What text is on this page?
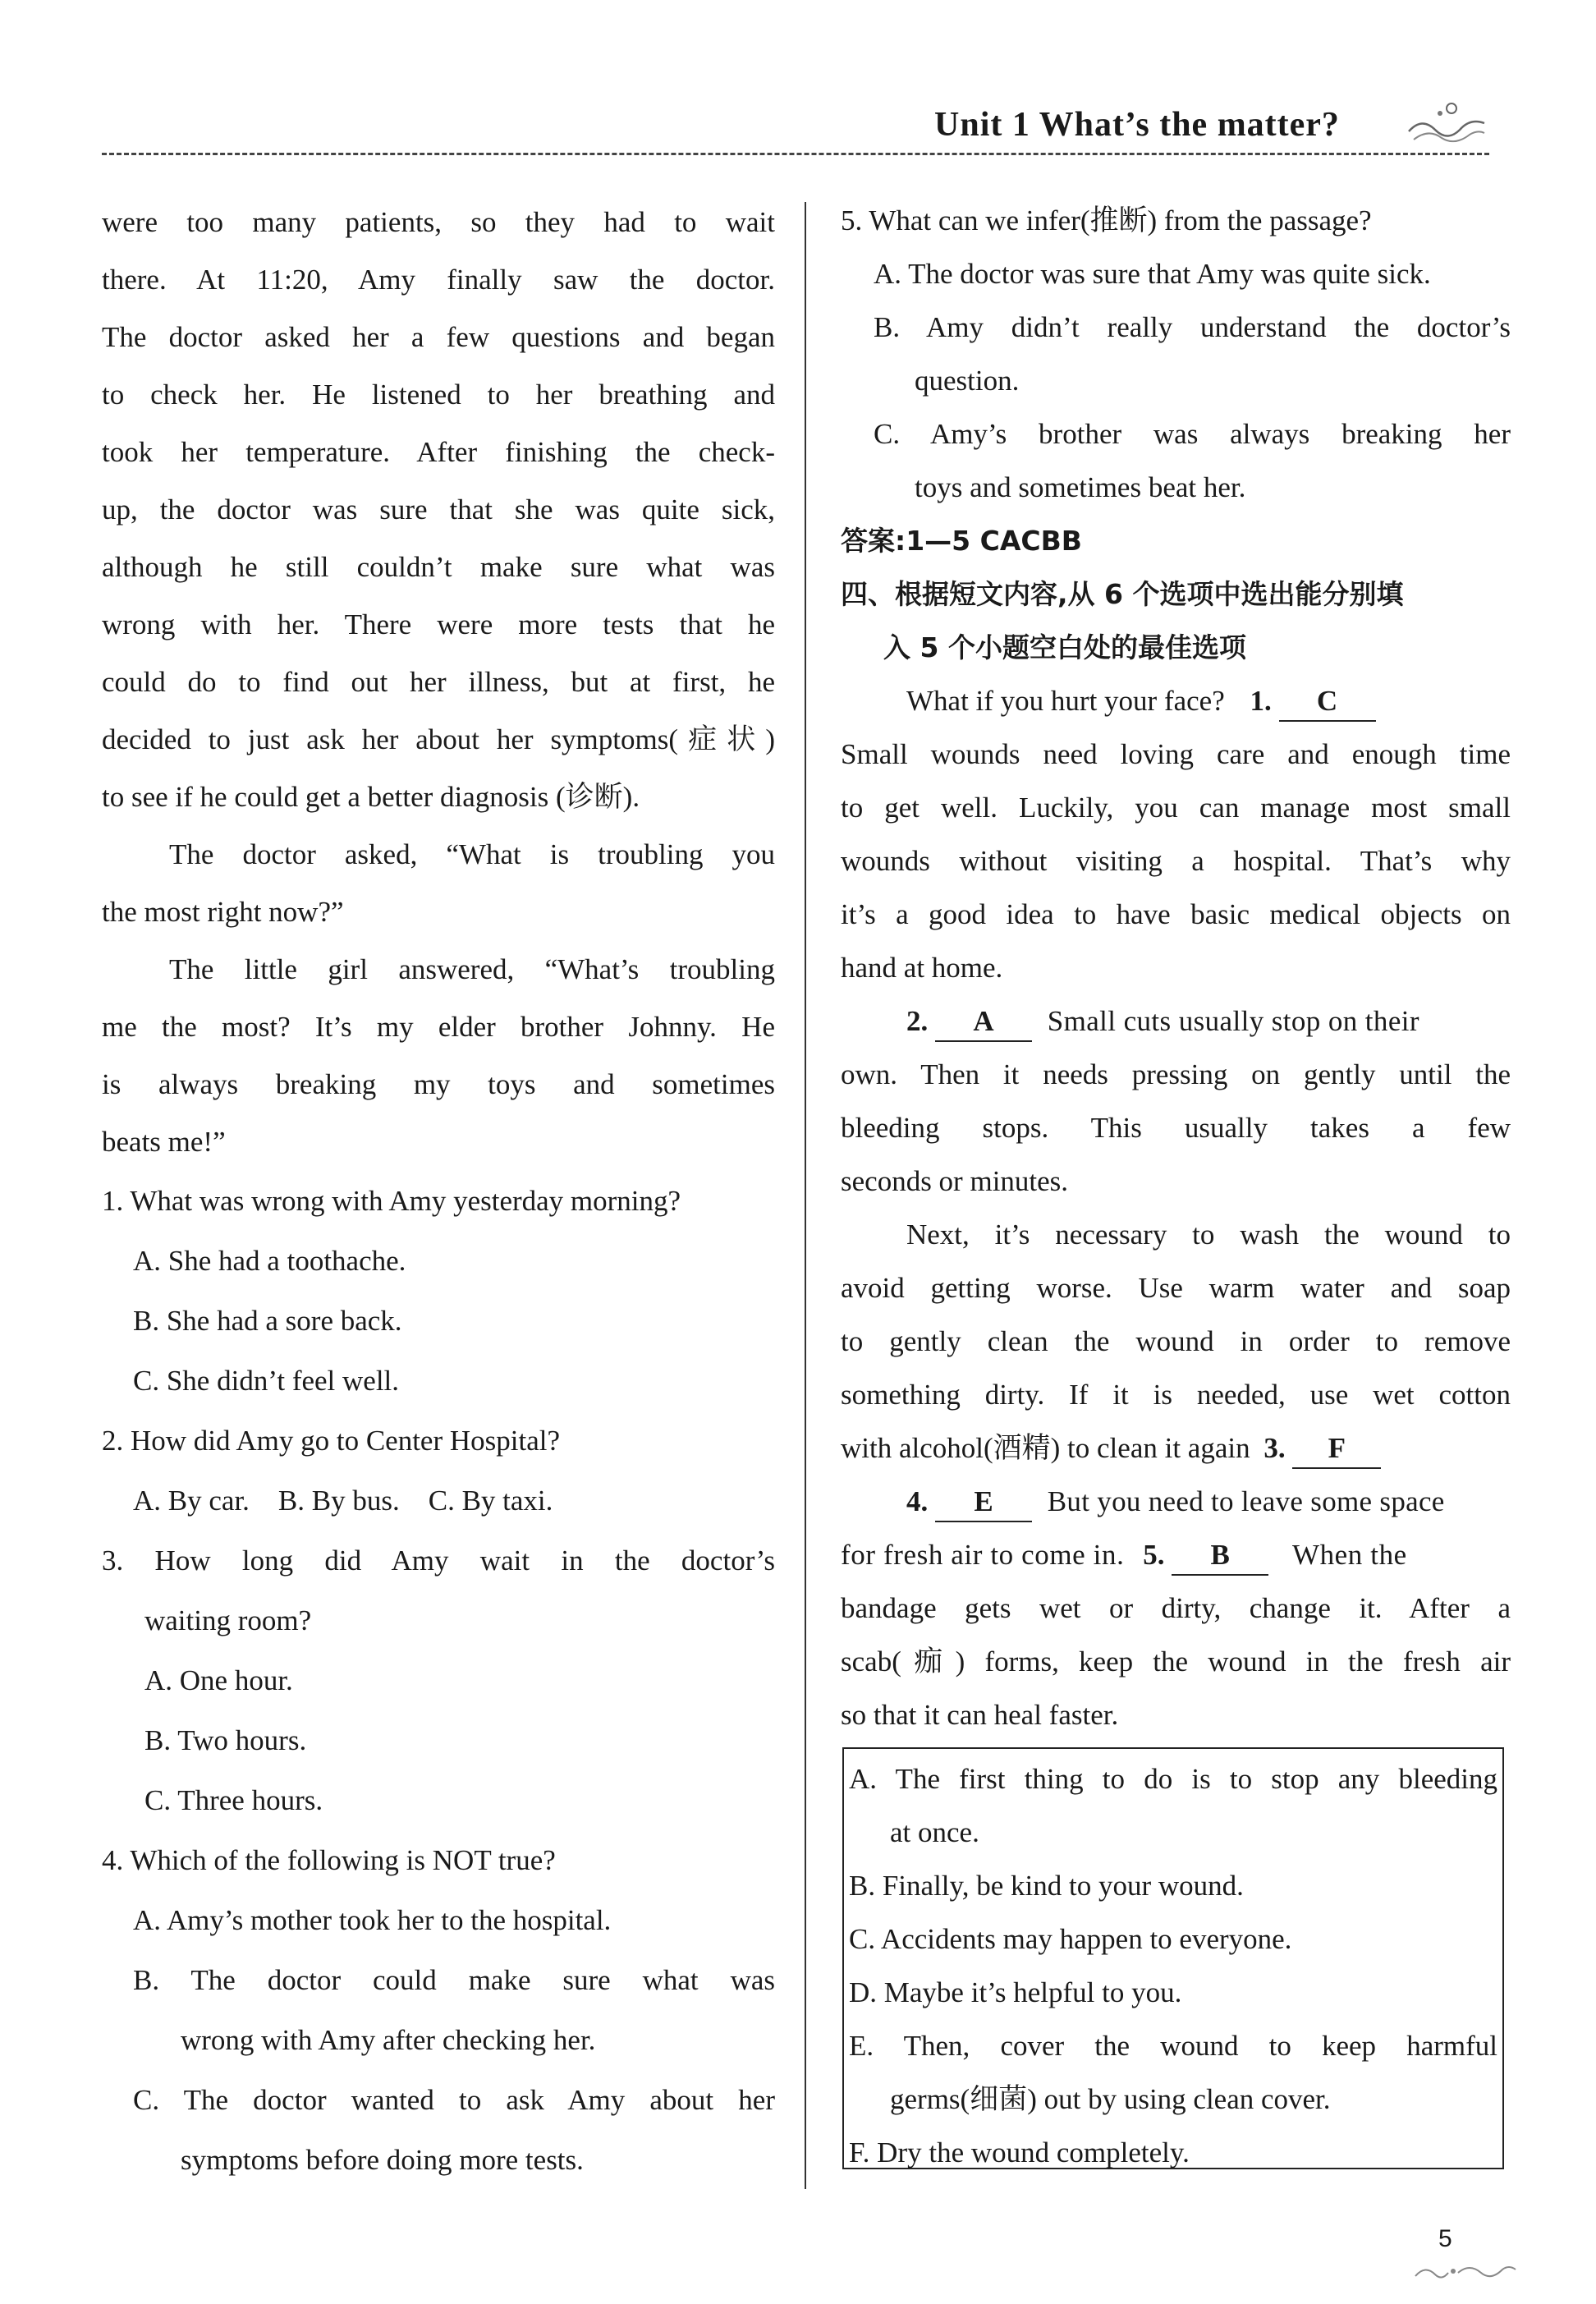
Unit 1 What’s the matter?
were too many patients, so they had to wait
there. At 11:20, Amy finally saw the doctor.
The doctor asked her a few questions and began
to check her. He listened to her breathing and
took her temperature. After finishing the check-
up, the doctor was sure that she was quite sick,
although he still couldn’t make sure what was
wrong with her. There were more tests that he
could do to find out her illness, but at first, he
decided to just ask her about her symptoms(症状)
to see if he could get a better diagnosis (诊断).
The doctor asked, “What is troubling you
the most right now?”
The little girl answered, “What’s troubling
me the most? It’s my elder brother Johnny. He
is always breaking my toys and sometimes
beats me!”
1. What was wrong with Amy yesterday morning?
A. She had a toothache.
B. She had a sore back.
C. She didn’t feel well.
2. How did Amy go to Center Hospital?
A. By car.    B. By bus.    C. By taxi.
3. How long did Amy wait in the doctor’s
waiting room?
A. One hour.
B. Two hours.
C. Three hours.
4. Which of the following is NOT true?
A. Amy’s mother took her to the hospital.
B. The doctor could make sure what was
wrong with Amy after checking her.
C. The doctor wanted to ask Amy about her
symptoms before doing more tests.
5. What can we infer(推断) from the passage?
A. The doctor was sure that Amy was quite sick.
B. Amy didn’t really understand the doctor’s
question.
C. Amy’s brother was always breaking her
toys and sometimes beat her.
答案:1—5 CACBB
四、根据短文内容,从 6 个选项中选出能分别填
入 5 个小题空白处的最佳选项
What if you hurt your face? 1. C
Small wounds need loving care and enough time
to get well. Luckily, you can manage most small
wounds without visiting a hospital. That’s why
it’s a good idea to have basic medical objects on
hand at home.
2. A Small cuts usually stop on their
own. Then it needs pressing on gently until the
bleeding stops. This usually takes a few
seconds or minutes.
Next, it’s necessary to wash the wound to
avoid getting worse. Use warm water and soap
to gently clean the wound in order to remove
something dirty. If it is needed, use wet cotton
with alcohol(酒精) to clean it again 3. F
4. E But you need to leave some space
for fresh air to come in. 5. B When the
bandage gets wet or dirty, change it. After a
scab(痂) forms, keep the wound in the fresh air
so that it can heal faster.
A. The first thing to do is to stop any bleeding
at once.
B. Finally, be kind to your wound.
C. Accidents may happen to everyone.
D. Maybe it’s helpful to you.
E. Then, cover the wound to keep harmful
germs(细菌) out by using clean cover.
F. Dry the wound completely.
5
